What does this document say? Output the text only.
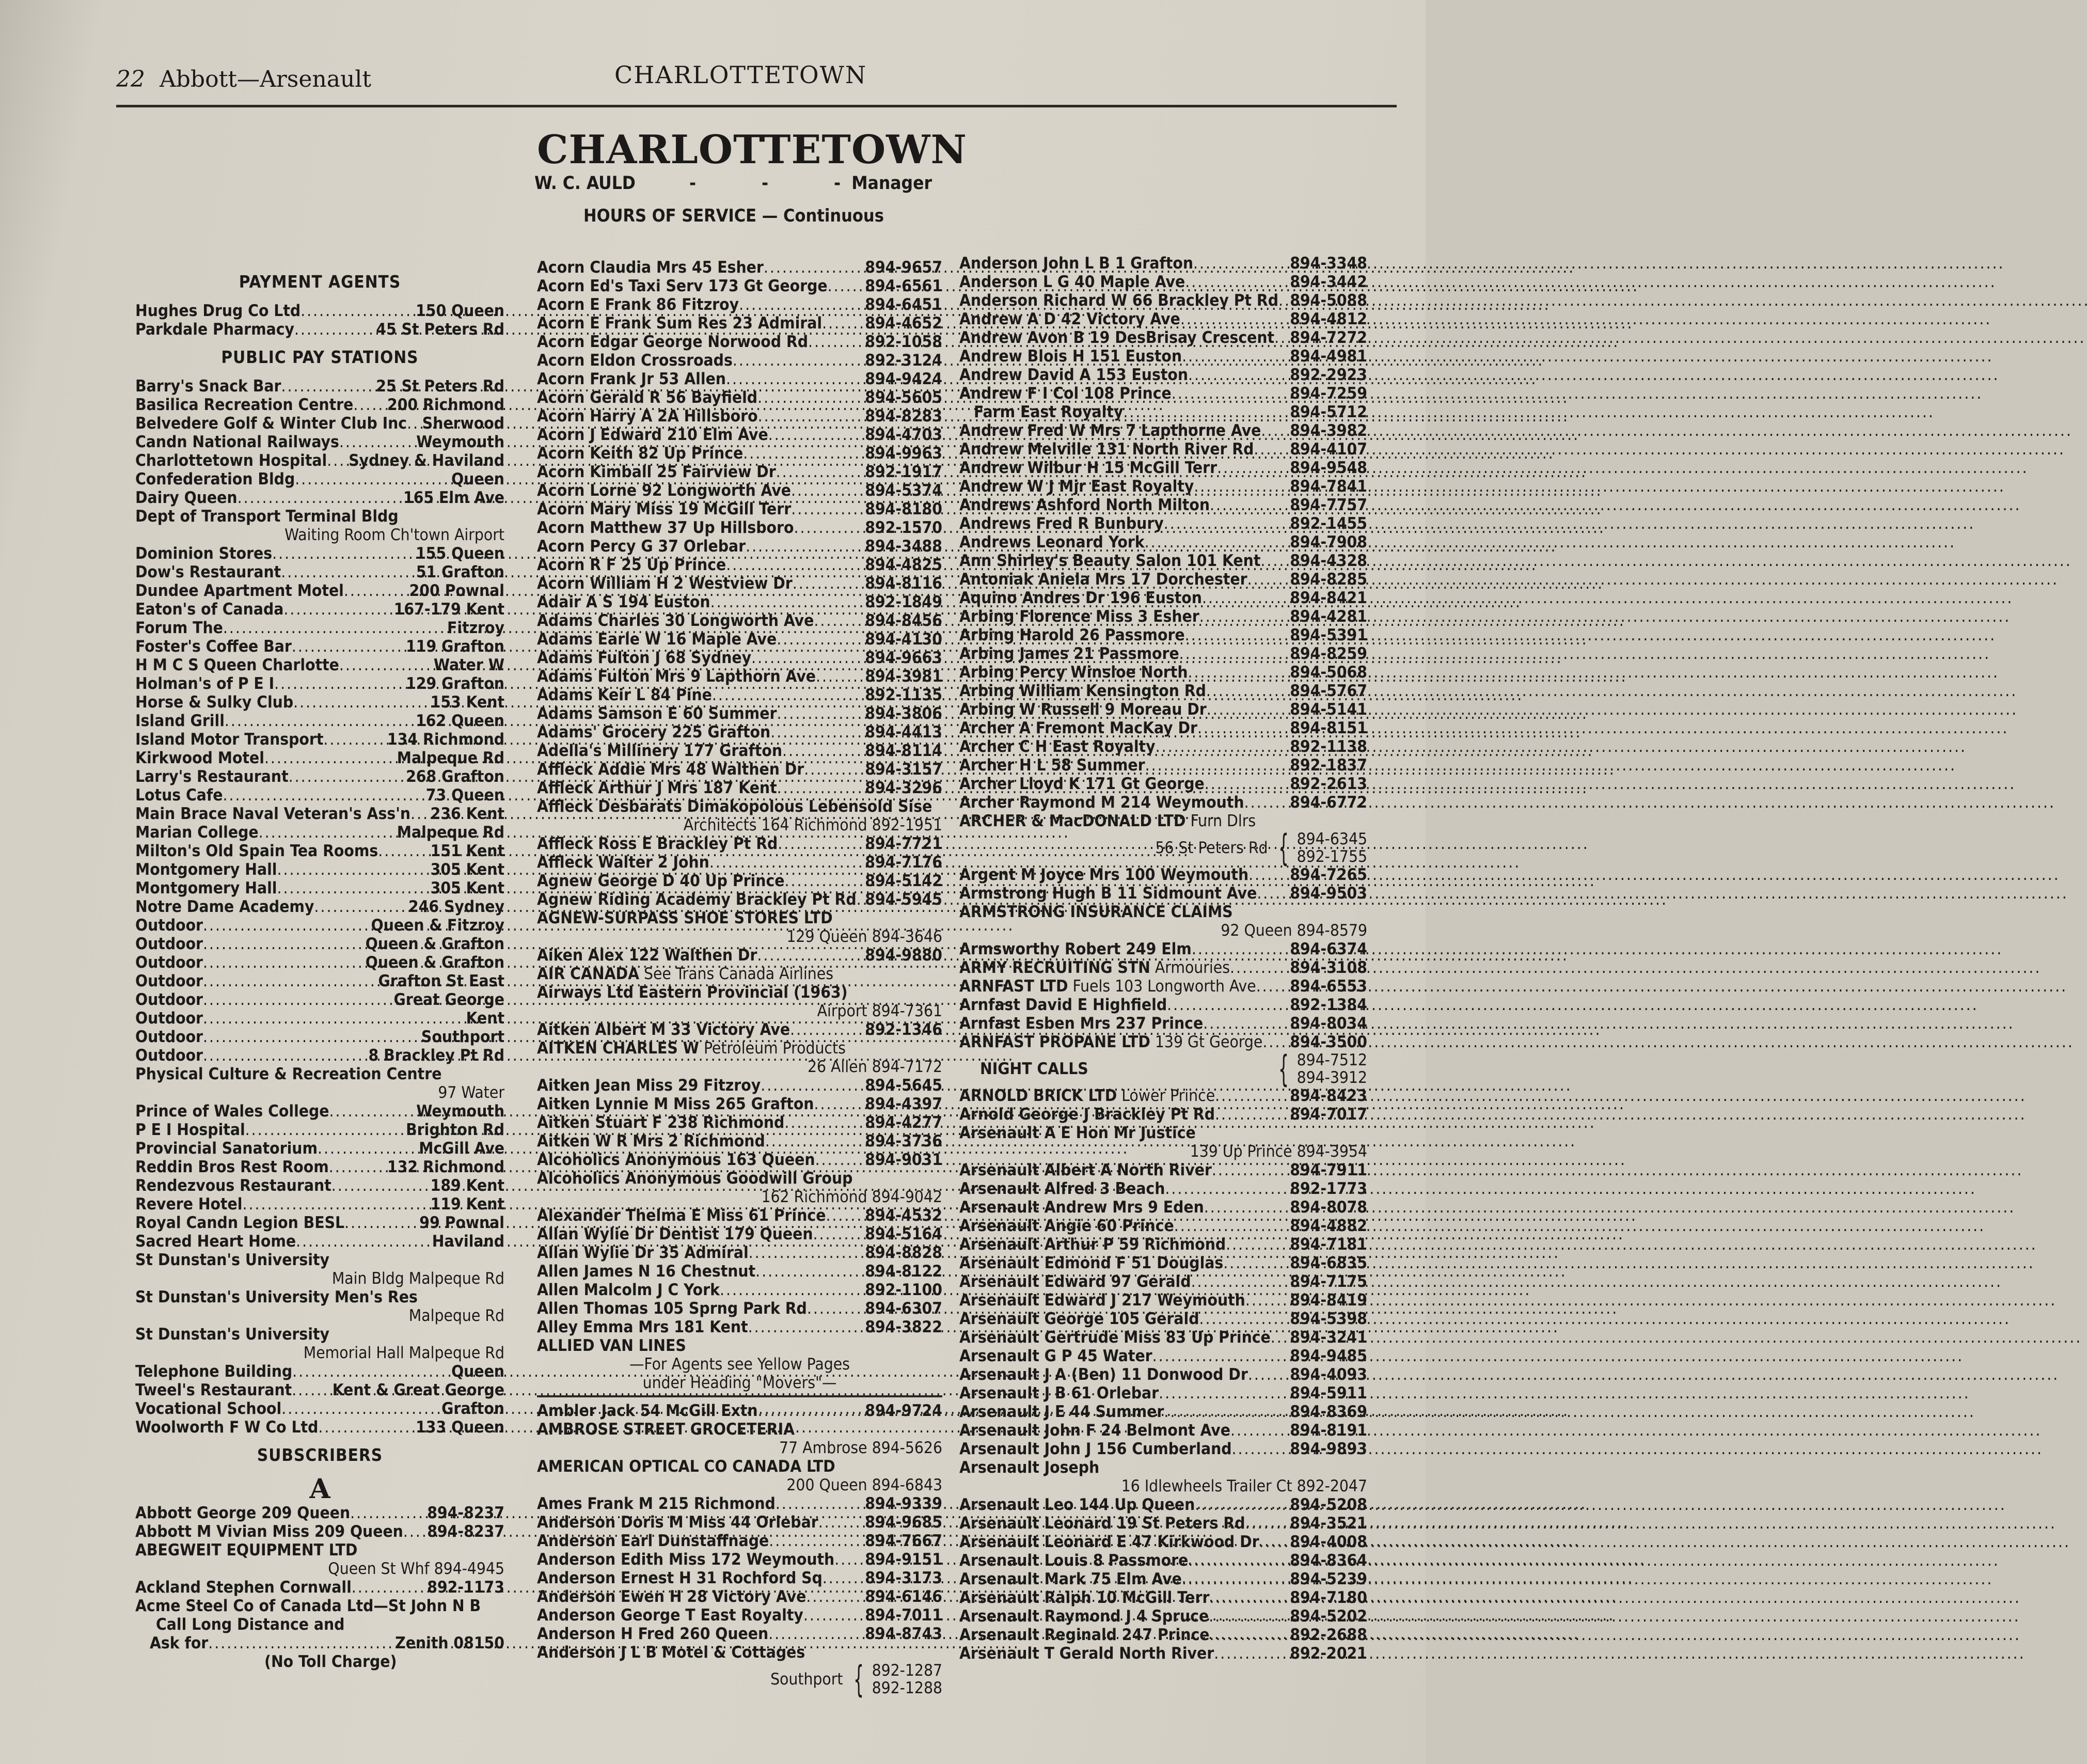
22 Abbott—Arsenault	CHARLOTTETOWN
CHARLOTTETOWN
W. C. AULD	- - -
Manager
HOURS OF SERVICE — Continuous
PAYMENT AGENTS
Hughes Drug Co Ltd . . .	150 Queen
Parkdale Pharmacy . . .	45 St Peters Rd
PUBLIC PAY STATIONS
Barry's Snack Bar . . .	25 St Peters Rd
Basilica Recreation Centre . . . 200 Richmond
Belvedere Golf & Winter Club Inc . . . Sherwood
Candn National Railways . . .	Weymouth
Charlottetown Hospital . . . Sydney & Haviland
Confederation Bldg . . .	Queen
Dairy Queen . . .	165 Elm Ave
Dept of Transport Terminal Bldg
Waiting Room Ch'town Airport
Dominion Stores . . .	155 Queen
Dow's Restaurant . . .	51 Grafton
Dundee Apartment Motel . . .	200 Pownal
Eaton's of Canada . . .	167-179 Kent
Forum The . . .	Fitzroy
Foster's Coffee Bar . . .	119 Grafton
H M C S Queen Charlotte . . .	Water W
Holman's of P E I . . .	129 Grafton
Horse & Sulky Club . . .	153 Kent
Island Grill . . .	162 Queen
Island Motor Transport . . .	134 Richmond
Kirkwood Motel . . .	Malpeque Rd
Larry's Restaurant . . .	268 Grafton
Lotus Cafe . . .	73 Queen
Main Brace Naval Veteran's Ass'n . . . 236 Kent
Marian College . . .	Malpeque Rd
Milton's Old Spain Tea Rooms . . .	151 Kent
Montgomery Hall . . .	305 Kent
Montgomery Hall . . .	305 Kent
Notre Dame Academy . . .	246 Sydney
Outdoor . . .	Queen & Fitzroy
Outdoor . . .	Queen & Grafton
Outdoor . . .	Queen & Grafton
Outdoor . . .	Grafton St East
Outdoor . . .	Great George
Outdoor . . .	Kent
Outdoor . . .	Southport
Outdoor . . .	8 Brackley Pt Rd
Physical Culture & Recreation Centre
97 Water
Prince of Wales College . . .	Weymouth
P E I Hospital . . .	Brighton Rd
Provincial Sanatorium . . .	McGill Ave
Reddin Bros Rest Room . . .	132 Richmond
Rendezvous Restaurant . . .	189 Kent
Revere Hotel . . .	119 Kent
Royal Candn Legion BESL . . .	99 Pownal
Sacred Heart Home . . .	Haviland
St Dunstan's University
Main Bldg Malpeque Rd
St Dunstan's University Men's Res
Malpeque Rd
St Dunstan's University
Memorial Hall Malpeque Rd
Telephone Building . . .	Queen
Tweel's Restaurant . . . Kent & Great George
Vocational School . . .	Grafton
Woolworth F W Co Ltd . . .	133 Queen
SUBSCRIBERS
A
Abbott George 209 Queen . . .	894-8237
Abbott M Vivian Miss 209 Queen . . . 894-8237
ABEGWEIT EQUIPMENT LTD
Queen St Whf 894-4945
Ackland Stephen Cornwall . . .	892-1173
Acme Steel Co of Canada Ltd—St John N B
Call Long Distance and
Ask for . . .	Zenith 08150
(No Toll Charge)
Acorn Claudia Mrs 45 Esher . . .	894-9657
Acorn Ed's Taxi Serv 173 Gt George . . . 894-6561
Acorn E Frank 86 Fitzroy . . .	894-6451
Acorn E Frank Sum Res 23 Admiral . . .	894-4652
Acorn Edgar George Norwood Rd . . .	892-1058
Acorn Eldon Crossroads . . .	892-3124
Acorn Frank Jr 53 Allen . . .	894-9424
Acorn Gerald R 56 Bayfield . . .	894-5605
Acorn Harry A 2A Hillsboro . . .	894-8283
Acorn J Edward 210 Elm Ave . . .	894-4703
Acorn Keith 82 Up Prince . . .	894-9963
Acorn Kimball 25 Fairview Dr . . .	892-1917
Acorn Lorne 92 Longworth Ave . . .	894-5374
Acorn Mary Miss 19 McGill Terr . . .	894-8180
Acorn Matthew 37 Up Hillsboro . . .	892-1570
Acorn Percy G 37 Orlebar . . .	894-3488
Acorn R F 25 Up Prince . . .	894-4825
Acorn William H 2 Westview Dr . . .	894-8116
Adair A S 194 Euston . . .	892-1849
Adams Charles 30 Longworth Ave . . .	894-8456
Adams Earle W 16 Maple Ave . . .	894-4130
Adams Fulton J 68 Sydney . . .	894-9663
Adams Fulton Mrs 9 Lapthorn Ave . . .	894-3981
Adams Keir L 84 Pine . . .	892-1135
Adams Samson E 60 Summer . . .	894-3806
Adams' Grocery 225 Grafton . . .	894-4413
Adella's Millinery 177 Grafton . . .	894-8114
Affleck Addie Mrs 48 Walthen Dr . . .	894-3157
Affleck Arthur J Mrs 187 Kent . . .	894-3296
Affleck Desbarats Dimakopolous Lebensold Sise
Architects 164 Richmond 892-1951
Affleck Ross E Brackley Pt Rd . . .	894-7721
Affleck Walter 2 John . . .	894-7176
Agnew George D 40 Up Prince . . .	894-5142
Agnew Riding Academy Brackley Pt Rd . . . 894-5945
AGNEW-SURPASS SHOE STORES LTD
129 Queen 894-3646
Aiken Alex 122 Walthen Dr . . .	894-9880
AIR CANADA See Trans Canada Airlines
Airways Ltd Eastern Provincial (1963)
Airport 894-7361
Aitken Albert M 33 Victory Ave . . .	892-1346
AITKEN CHARLES W Petroleum Products
26 Allen 894-7172
Aitken Jean Miss 29 Fitzroy . . .	894-5645
Aitken Lynnie M Miss 265 Grafton . . .	894-4397
Aitken Stuart F 238 Richmond . . .	894-4277
Aitken W R Mrs 2 Richmond . . .	894-3736
Alcoholics Anonymous 163 Queen . . .	894-9031
Alcoholics Anonymous Goodwill Group
162 Richmond 894-9042
Alexander Thelma E Miss 61 Prince . . . 894-4532
Allan Wylie Dr Dentist 179 Queen . . .	894-5164
Allan Wylie Dr 35 Admiral . . .	894-8828
Allen James N 16 Chestnut . . .	894-8122
Allen Malcolm J C York . . .	892-1100
Allen Thomas 105 Sprng Park Rd . . .	894-6307
Alley Emma Mrs 181 Kent . . .	894-3822
ALLIED VAN LINES
—For Agents see Yellow Pages
under Heading "Movers"—
Ambler Jack 54 McGill Extn . . .	894-9724
AMBROSE STREET GROCETERIA
77 Ambrose 894-5626
AMERICAN OPTICAL CO CANADA LTD
200 Queen 894-6843
Ames Frank M 215 Richmond . . .	894-9339
Anderson Doris M Miss 44 Orlebar . . .	894-9685
Anderson Earl Dunstaffnage . . .	894-7667
Anderson Edith Miss 172 Weymouth . . . 894-9151
Anderson Ernest H 31 Rochford Sq . . .	894-3173
Anderson Ewen H 28 Victory Ave . . .	894-6146
Anderson George T East Royalty . . .	894-7011
Anderson H Fred 260 Queen . . .	894-8743
Anderson J L B Motel & Cottages
Southport { 892-1287
892-1288
Anderson John L B 1 Grafton . . .	894-3348
Anderson L G 40 Maple Ave . . .	894-3442
Anderson Richard W 66 Brackley Pt Rd . . . 894-5088
Andrew A D 42 Victory Ave . . .	894-4812
Andrew Avon B 19 DesBrisay Crescent . . . 894-7272
Andrew Blois H 151 Euston . . .	894-4981
Andrew David A 153 Euston . . .	892-2923
Andrew F I Col 108 Prince . . .	894-7259
Farm East Royalty . . .	894-5712
Andrew Fred W Mrs 7 Lapthorne Ave . . . 894-3982
Andrew Melville 131 North River Rd . . . 894-4107
Andrew Wilbur H 15 McGill Terr . . .	894-9548
Andrew W J Mjr East Royalty . . .	894-7841
Andrews Ashford North Milton . . .	894-7757
Andrews Fred R Bunbury . . .	892-1455
Andrews Leonard York . . .	894-7908
Ann Shirley's Beauty Salon 101 Kent . . . 894-4328
Antoniak Aniela Mrs 17 Dorchester . . .	894-8285
Aquino Andres Dr 196 Euston . . .	894-8421
Arbing Florence Miss 3 Esher . . .	894-4281
Arbing Harold 26 Passmore . . .	894-5391
Arbing James 21 Passmore . . .	894-8259
Arbing Percy Winsloe North . . .	894-5068
Arbing William Kensington Rd . . .	894-5767
Arbing W Russell 9 Moreau Dr . . .	894-5141
Archer A Fremont MacKay Dr . . .	894-8151
Archer C H East Royalty . . .	892-1138
Archer H L 58 Summer . . .	892-1837
Archer Lloyd K 171 Gt George . . .	892-2613
Archer Raymond M 214 Weymouth . . .	894-6772
ARCHER & MacDONALD LTD Furn Dlrs
56 St Peters Rd { 894-6345
892-1755
Argent M Joyce Mrs 100 Weymouth . . .	894-7265
Armstrong Hugh B 11 Sidmount Ave . . . 894-9503
ARMSTRONG INSURANCE CLAIMS
92 Queen 894-8579
Armsworthy Robert 249 Elm . . .	894-6374
ARMY RECRUITING STN Armouries . . .	894-3108
ARNFAST LTD Fuels 103 Longworth Ave . . . 894-6553
Arnfast David E Highfield . . .	892-1384
Arnfast Esben Mrs 237 Prince . . .	894-8034
ARNFAST PROPANE LTD 139 Gt George . . . 894-3500
NIGHT CALLS	{ 894-7512
894-3912
ARNOLD BRICK LTD Lower Prince . . .	894-8423
Arnold George J Brackley Pt Rd . . .	894-7017
Arsenault A E Hon Mr Justice
139 Up Prince 894-3954
Arsenault Albert A North River . . .	894-7911
Arsenault Alfred 3 Beach . . .	892-1773
Arsenault Andrew Mrs 9 Eden . . .	894-8078
Arsenault Angie 60 Prince . . .	894-4882
Arsenault Arthur P 59 Richmond . . .	894-7181
Arsenault Edmond F 51 Douglas . . .	894-6835
Arsenault Edward 97 Gerald . . .	894-7175
Arsenault Edward J 217 Weymouth . . .	894-8419
Arsenault George 105 Gerald . . .	894-5398
Arsenault Gertrude Miss 83 Up Prince . . . 894-3241
Arsenault G P 45 Water . . .	894-9485
Arsenault J A (Ben) 11 Donwood Dr . . .	894-4093
Arsenault J B 61 Orlebar . . .	894-5911
Arsenault J E 44 Summer . . .	894-8369
Arsenault John F 24 Belmont Ave . . .	894-8191
Arsenault John J 156 Cumberland . . .	894-9893
Arsenault Joseph
16 Idlewheels Trailer Ct 892-2047
Arsenault Leo 144 Up Queen . . .	894-5208
Arsenault Leonard 19 St Peters Rd . . .	894-3521
Arsenault Leonard E 47 Kirkwood Dr . . . 894-4008
Arsenault Louis 8 Passmore . . .	894-8364
Arsenault Mark 75 Elm Ave . . .	894-5239
Arsenault Ralph 10 McGill Terr . . .	894-7180
Arsenault Raymond J 4 Spruce . . .	894-5202
Arsenault Reginald 247 Prince . . .	892-2688
Arsenault T Gerald North River . . .	892-2021
